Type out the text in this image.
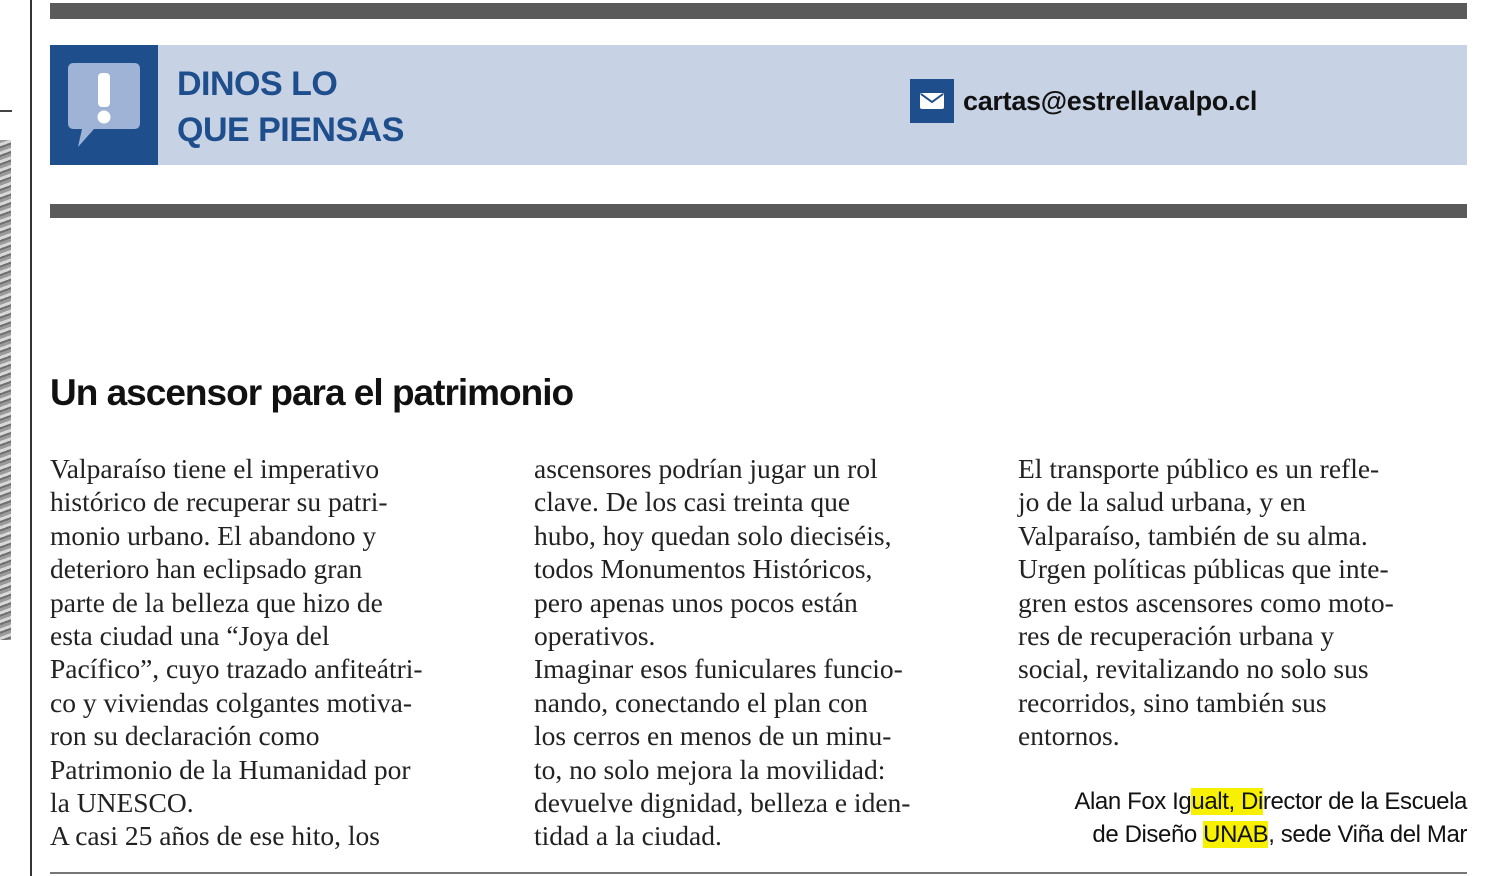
DINOS LO
QUE PIENSAS
cartas@estrellavalpo.cl
Un ascensor para el patrimonio
Valparaíso tiene el imperativo
histórico de recuperar su patri-
monio urbano. El abandono y
deterioro han eclipsado gran
parte de la belleza que hizo de
esta ciudad una “Joya del
Pacífico”, cuyo trazado anfiteátri-
co y viviendas colgantes motiva-
ron su declaración como
Patrimonio de la Humanidad por
la UNESCO.
A casi 25 años de ese hito, los
ascensores podrían jugar un rol
clave. De los casi treinta que
hubo, hoy quedan solo dieciséis,
todos Monumentos Históricos,
pero apenas unos pocos están
operativos.
Imaginar esos funiculares funcio-
nando, conectando el plan con
los cerros en menos de un minu-
to, no solo mejora la movilidad:
devuelve dignidad, belleza e iden-
tidad a la ciudad.
El transporte público es un refle-
jo de la salud urbana, y en
Valparaíso, también de su alma.
Urgen políticas públicas que inte-
gren estos ascensores como moto-
res de recuperación urbana y
social, revitalizando no solo sus
recorridos, sino también sus
entornos.
Alan Fox Igualt, Director de la Escuela
de Diseño UNAB, sede Viña del Mar
